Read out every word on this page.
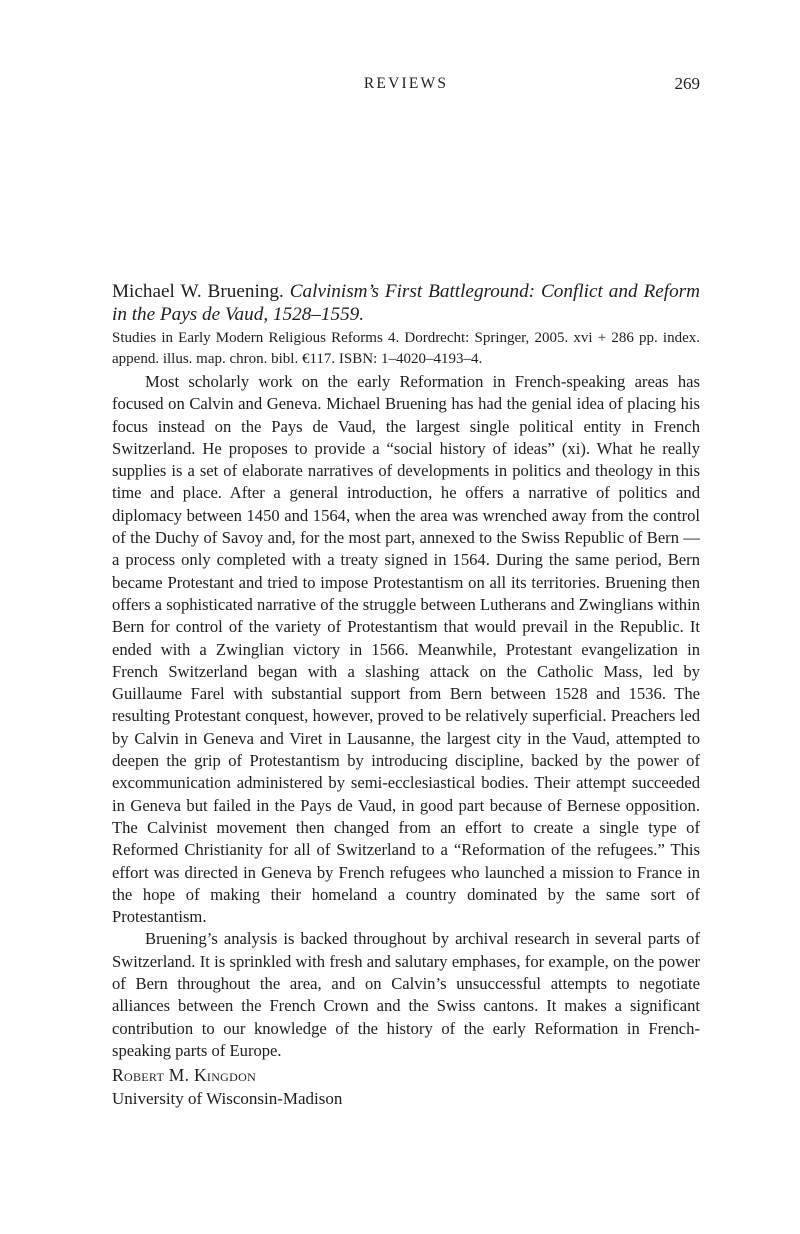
REVIEWS	269

Michael W. Bruening. Calvinism’s First Battleground: Conflict and Reform in the Pays de Vaud, 1528–1559.

Studies in Early Modern Religious Reforms 4. Dordrecht: Springer, 2005. xvi + 286 pp. index. append. illus. map. chron. bibl. €117. ISBN: 1–4020–4193–4.

Most scholarly work on the early Reformation in French-speaking areas has focused on Calvin and Geneva. Michael Bruening has had the genial idea of placing his focus instead on the Pays de Vaud, the largest single political entity in French Switzerland. He proposes to provide a “social history of ideas” (xi). What he really supplies is a set of elaborate narratives of developments in politics and theology in this time and place. After a general introduction, he offers a narrative of politics and diplomacy between 1450 and 1564, when the area was wrenched away from the control of the Duchy of Savoy and, for the most part, annexed to the Swiss Republic of Bern — a process only completed with a treaty signed in 1564. During the same period, Bern became Protestant and tried to impose Protestantism on all its territories. Bruening then offers a sophisticated narrative of the struggle between Lutherans and Zwinglians within Bern for control of the variety of Protestantism that would prevail in the Republic. It ended with a Zwinglian victory in 1566. Meanwhile, Protestant evangelization in French Switzerland began with a slashing attack on the Catholic Mass, led by Guillaume Farel with substantial support from Bern between 1528 and 1536. The resulting Protestant conquest, however, proved to be relatively superficial. Preachers led by Calvin in Geneva and Viret in Lausanne, the largest city in the Vaud, attempted to deepen the grip of Protestantism by introducing discipline, backed by the power of excommunication administered by semi-ecclesiastical bodies. Their attempt succeeded in Geneva but failed in the Pays de Vaud, in good part because of Bernese opposition. The Calvinist movement then changed from an effort to create a single type of Reformed Christianity for all of Switzerland to a “Reformation of the refugees.” This effort was directed in Geneva by French refugees who launched a mission to France in the hope of making their homeland a country dominated by the same sort of Protestantism.

Bruening’s analysis is backed throughout by archival research in several parts of Switzerland. It is sprinkled with fresh and salutary emphases, for example, on the power of Bern throughout the area, and on Calvin’s unsuccessful attempts to negotiate alliances between the French Crown and the Swiss cantons. It makes a significant contribution to our knowledge of the history of the early Reformation in French-speaking parts of Europe.

Robert M. Kingdon

University of Wisconsin-Madison
